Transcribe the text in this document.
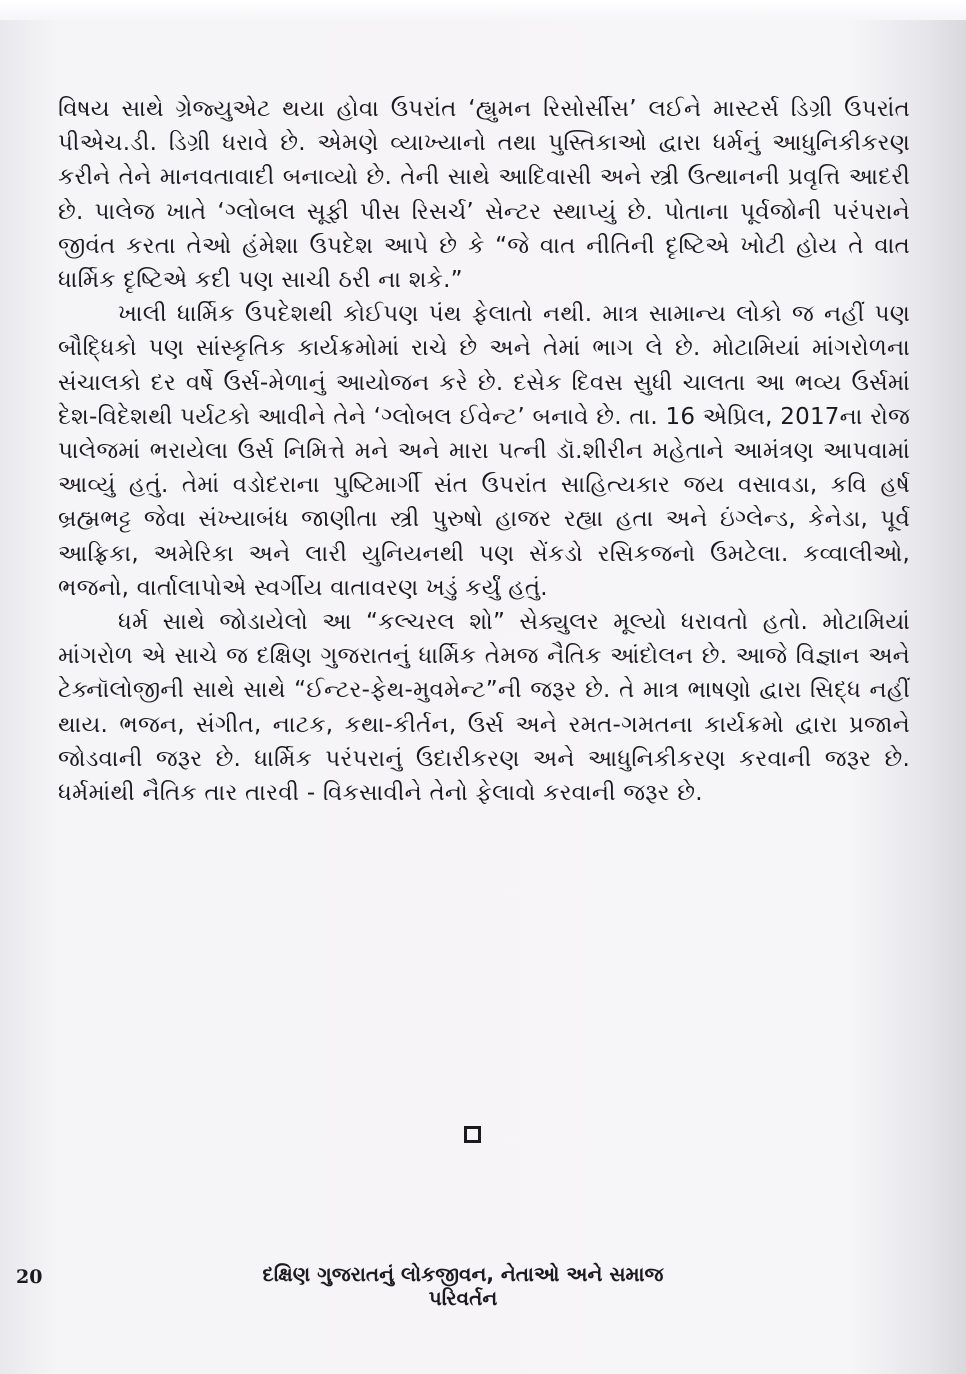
વિષય સાથે ગ્રેજ્યુએટ થયા હોવા ઉપરાંત ‘હ્યુમન રિસોર્સીસ’ લઈને માસ્ટર્સ ડિગ્રી ઉપરાંત પીએચ.ડી. ડિગ્રી ધરાવે છે. એમણે વ્યાખ્યાનો તથા પુસ્તિકાઓ દ્વારા ધર્મનું આધુનિકીકરણ કરીને તેને માનવતાવાદી બનાવ્યો છે. તેની સાથે આદિવાસી અને સ્ત્રી ઉત્થાનની પ્રવૃત્તિ આદરી છે. પાલેજ ખાતે ‘ગ્લોબલ સૂફી પીસ રિસર્ચ’ સેન્ટર સ્થાપ્યું છે. પોતાના પૂર્વજોની પરંપરાને જીવંત કરતા તેઓ હંમેશા ઉપદેશ આપે છે કે “જે વાત નીતિની દૃષ્ટિએ ખોટી હોય તે વાત ધાર્મિક દૃષ્ટિએ કદી પણ સાચી ઠરી ના શકે.”

ખાલી ધાર્મિક ઉપદેશથી કોઈપણ પંથ ફેલાતો નથી. માત્ર સામાન્ય લોકો જ નહીં પણ બૌદ્ધિકો પણ સાંસ્કૃતિક કાર્યક્રમોમાં રાચે છે અને તેમાં ભાગ લે છે. મોટામિયાં માંગરોળના સંચાલકો દર વર્ષે ઉર્સ-મેળાનું આયોજન કરે છે. દસેક દિવસ સુધી ચાલતા આ ભવ્ય ઉર્સમાં દેશ-વિદેશથી પર્યટકો આવીને તેને ‘ગ્લોબલ ઈવેન્ટ’ બનાવે છે. તા. 16 એપ્રિલ, 2017ના રોજ પાલેજમાં ભરાયેલા ઉર્સ નિમિત્તે મને અને મારા પત્ની ડૉ.શીરીન મહેતાને આમંત્રણ આપવામાં આવ્યું હતું. તેમાં વડોદરાના પુષ્ટિમાર્ગી સંત ઉપરાંત સાહિત્યકાર જય વસાવડા, કવિ હર્ષ બ્રહ્મભટ્ટ જેવા સંખ્યાબંધ જાણીતા સ્ત્રી પુરુષો હાજર રહ્યા હતા અને ઇંગ્લેન્ડ, કેનેડા, પૂર્વ આફ્રિકા, અમેરિકા અને લારી યુનિયનથી પણ સેંકડો રસિકજનો ઉમટેલા. કવ્વાલીઓ, ભજનો, વાર્તાલાપોએ સ્વર્ગીય વાતાવરણ ખડું કર્યું હતું.

ધર્મ સાથે જોડાયેલો આ “કલ્ચરલ શો” સેક્યુલર મૂલ્યો ધરાવતો હતો. મોટામિયાં માંગરોળ એ સાચે જ દક્ષિણ ગુજરાતનું ધાર્મિક તેમજ નૈતિક આંદોલન છે. આજે વિજ્ઞાન અને ટેક્નૉલોજીની સાથે સાથે “ઈન્ટર-ફેથ-મુવમેન્ટ”ની જરૂર છે. તે માત્ર ભાષણો દ્વારા સિદ્ધ નહીં થાય. ભજન, સંગીત, નાટક, કથા-કીર્તન, ઉર્સ અને રમત-ગમતના કાર્યક્રમો દ્વારા પ્રજાને જોડવાની જરૂર છે. ધાર્મિક પરંપરાનું ઉદારીકરણ અને આધુનિકીકરણ કરવાની જરૂર છે. ધર્મમાંથી નૈતિક તાર તારવી - વિકસાવીને તેનો ફેલાવો કરવાની જરૂર છે.

20	દક્ષિણ ગુજરાતનું લોકજીવન, નેતાઓ અને સમાજ પરિવર્તન
